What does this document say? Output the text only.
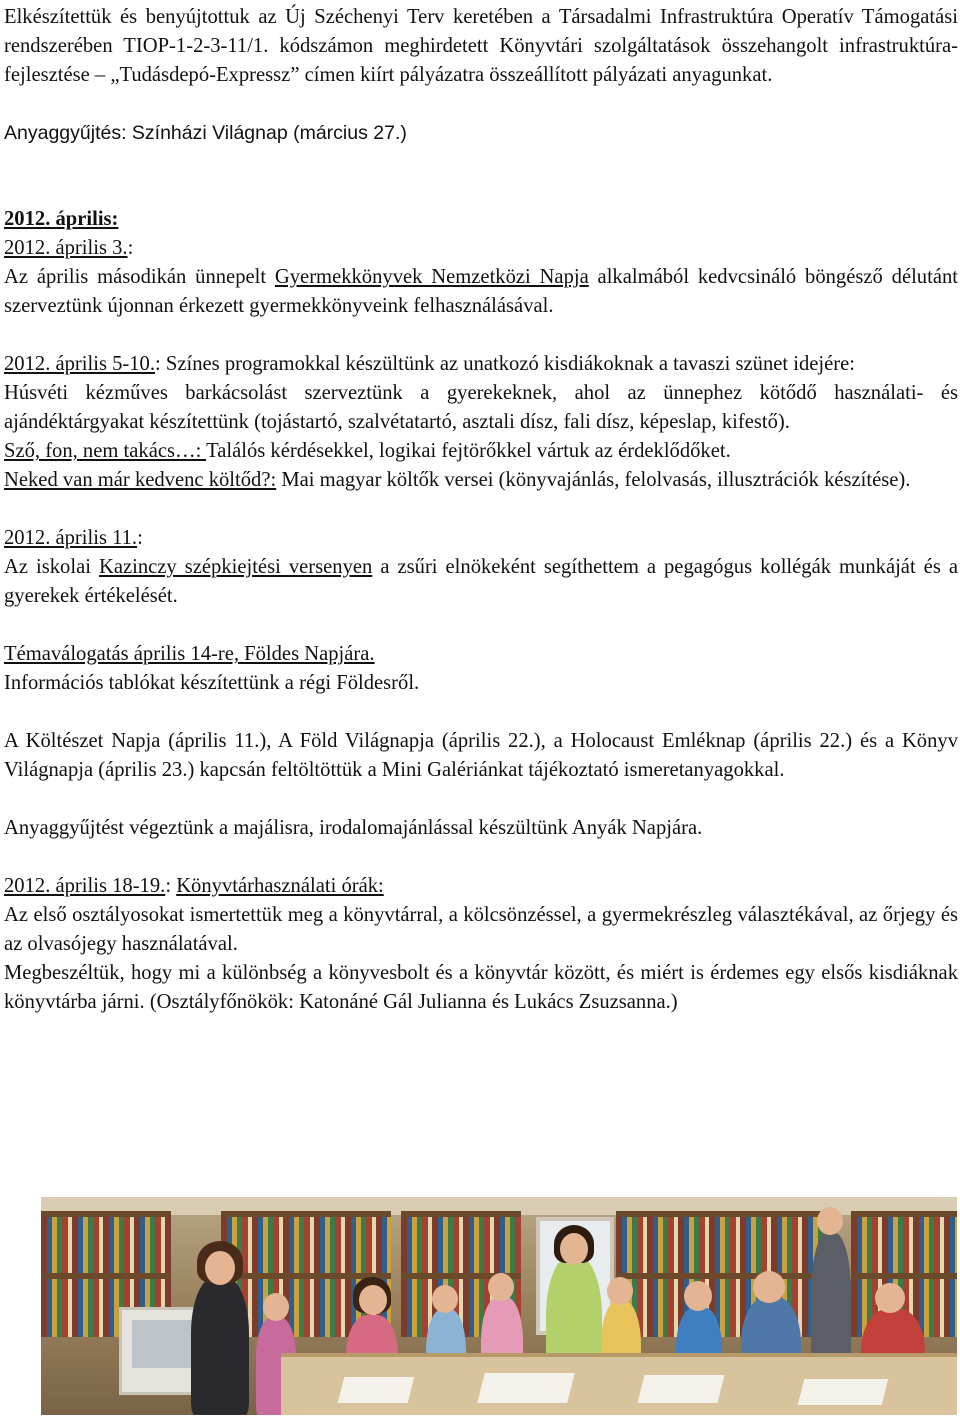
Elkészítettük és benyújtottuk az Új Széchenyi Terv keretében a Társadalmi Infrastruktúra Operatív Támogatási rendszerében TIOP-1-2-3-11/1. kódszámon meghirdetett Könyvtári szolgáltatások összehangolt infrastruktúra-fejlesztése – „Tudásdepó-Expressz” címen kiírt pályázatra összeállított pályázati anyagunkat.

Anyaggyűjtés: Színházi Világnap (március 27.)

2012. április:

2012. április 3.:

Az április másodikán ünnepelt Gyermekkönyvek Nemzetközi Napja alkalmából kedvcsináló böngésző délutánt szerveztünk újonnan érkezett gyermekkönyveink felhasználásával.

2012. április 5-10.: Színes programokkal készültünk az unatkozó kisdiákoknak a tavaszi szünet idejére:

Húsvéti kézműves barkácsolást szerveztünk a gyerekeknek, ahol az ünnephez kötődő használati- és ajándéktárgyakat készítettünk (tojástartó, szalvétatartó, asztali dísz, fali dísz, képeslap, kifestő).

Sző, fon, nem takács…: Találós kérdésekkel, logikai fejtörőkkel vártuk az érdeklődőket.

Neked van már kedvenc költőd?: Mai magyar költők versei (könyvajánlás, felolvasás, illusztrációk készítése).

2012. április 11.:

Az iskolai Kazinczy szépkiejtési versenyen a zsűri elnökeként segíthettem a pegagógus kollégák munkáját és a gyerekek értékelését.

Témaválogatás április 14-re, Földes Napjára.

Információs tablókat készítettünk a régi Földesről.

A Költészet Napja (április 11.), A Föld Világnapja (április 22.), a Holocaust Emléknap (április 22.) és a Könyv Világnapja (április 23.) kapcsán feltöltöttük a Mini Galériánkat tájékoztató ismeretanyagokkal.

Anyaggyűjtést végeztünk a majálisra, irodalomajánlással készültünk Anyák Napjára.

2012. április 18-19.: Könyvtárhasználati órák:

Az első osztályosokat ismertettük meg a könyvtárral, a kölcsönzéssel, a gyermekrészleg választékával, az őrjegy és az olvasójegy használatával.

Megbeszéltük, hogy mi a különbség a könyvesbolt és a könyvtár között, és miért is érdemes egy elsős kisdiáknak könyvtárba járni. (Osztályfőnökök: Katonáné Gál Julianna és Lukács Zsuzsanna.)
